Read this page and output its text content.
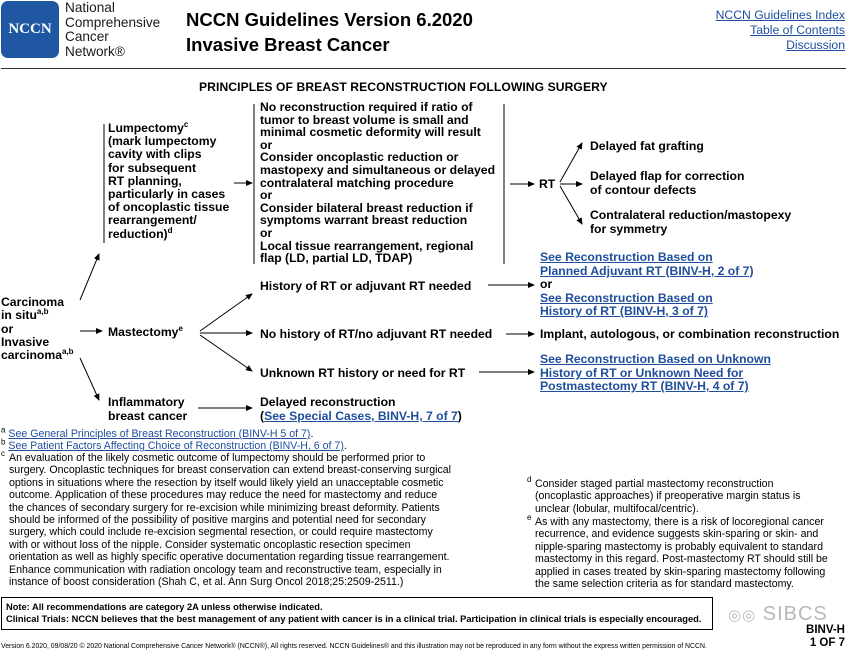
NCCN
National
Comprehensive
Cancer
Network®
NCCN Guidelines Version 6.2020
Invasive Breast Cancer
NCCN Guidelines Index
Table of Contents
Discussion
PRINCIPLES OF BREAST RECONSTRUCTION FOLLOWING SURGERY
Carcinoma
in situ$^{a,b}$
or
Invasive
carcinoma$^{a,b}$
Lumpectomy$^c$
(mark lumpectomy
cavity with clips
for subsequent
RT planning,
particularly in cases
of oncoplastic tissue
rearrangement/
reduction)$^d$
No reconstruction required if ratio of
tumor to breast volume is small and
minimal cosmetic deformity will result
or
Consider oncoplastic reduction or
mastopexy and simultaneous or delayed
contralateral matching procedure
or
Consider bilateral breast reduction if
symptoms warrant breast reduction
or
Local tissue rearrangement, regional
flap (LD, partial LD, TDAP)
RT
Delayed fat grafting
Delayed flap for correction
of contour defects
Contralateral reduction/mastopexy
for symmetry
Mastectomy$^e$
History of RT or adjuvant RT needed
No history of RT/no adjuvant RT needed
Unknown RT history or need for RT
See Reconstruction Based on
Planned Adjuvant RT (BINV-H, 2 of 7)
or
See Reconstruction Based on
History of RT (BINV-H, 3 of 7)
Implant, autologous, or combination reconstruction
See Reconstruction Based on Unknown
History of RT or Unknown Need for
Postmastectomy RT (BINV-H, 4 of 7)
Inflammatory
breast cancer
Delayed reconstruction
(See Special Cases, BINV-H, 7 of 7)
$^a$ See General Principles of Breast Reconstruction (BINV-H 5 of 7).
$^b$ See Patient Factors Affecting Choice of Reconstruction (BINV-H, 6 of 7).
c An evaluation of the likely cosmetic outcome of lumpectomy should be performed prior to
surgery. Oncoplastic techniques for breast conservation can extend breast-conserving surgical
options in situations where the resection by itself would likely yield an unacceptable cosmetic
outcome. Application of these procedures may reduce the need for mastectomy and reduce
the chances of secondary surgery for re-excision while minimizing breast deformity. Patients
should be informed of the possibility of positive margins and potential need for secondary
surgery, which could include re-excision segmental resection, or could require mastectomy
with or without loss of the nipple. Consider systematic oncoplastic resection specimen
orientation as well as highly specific operative documentation regarding tissue rearrangement.
Enhance communication with radiation oncology team and reconstructive team, especially in
instance of boost consideration (Shah C, et al. Ann Surg Oncol 2018;25:2509-2511.)
d Consider staged partial mastectomy reconstruction
(oncoplastic approaches) if preoperative margin status is
unclear (lobular, multifocal/centric).
e As with any mastectomy, there is a risk of locoregional cancer
recurrence, and evidence suggests skin-sparing or skin- and
nipple-sparing mastectomy is probably equivalent to standard
mastectomy in this regard. Post-mastectomy RT should still be
applied in cases treated by skin-sparing mastectomy following
the same selection criteria as for standard mastectomy.
Note: All recommendations are category 2A unless otherwise indicated.
Clinical Trials: NCCN believes that the best management of any patient with cancer is in a clinical trial. Participation in clinical trials is especially encouraged. ◎◎ SIBCS
BINV-H
1 OF 7
Version 6.2020, 09/08/20 © 2020 National Comprehensive Cancer Network® (NCCN®), All rights reserved. NCCN Guidelines® and this illustration may not be reproduced in any form without the express written permission of NCCN.
